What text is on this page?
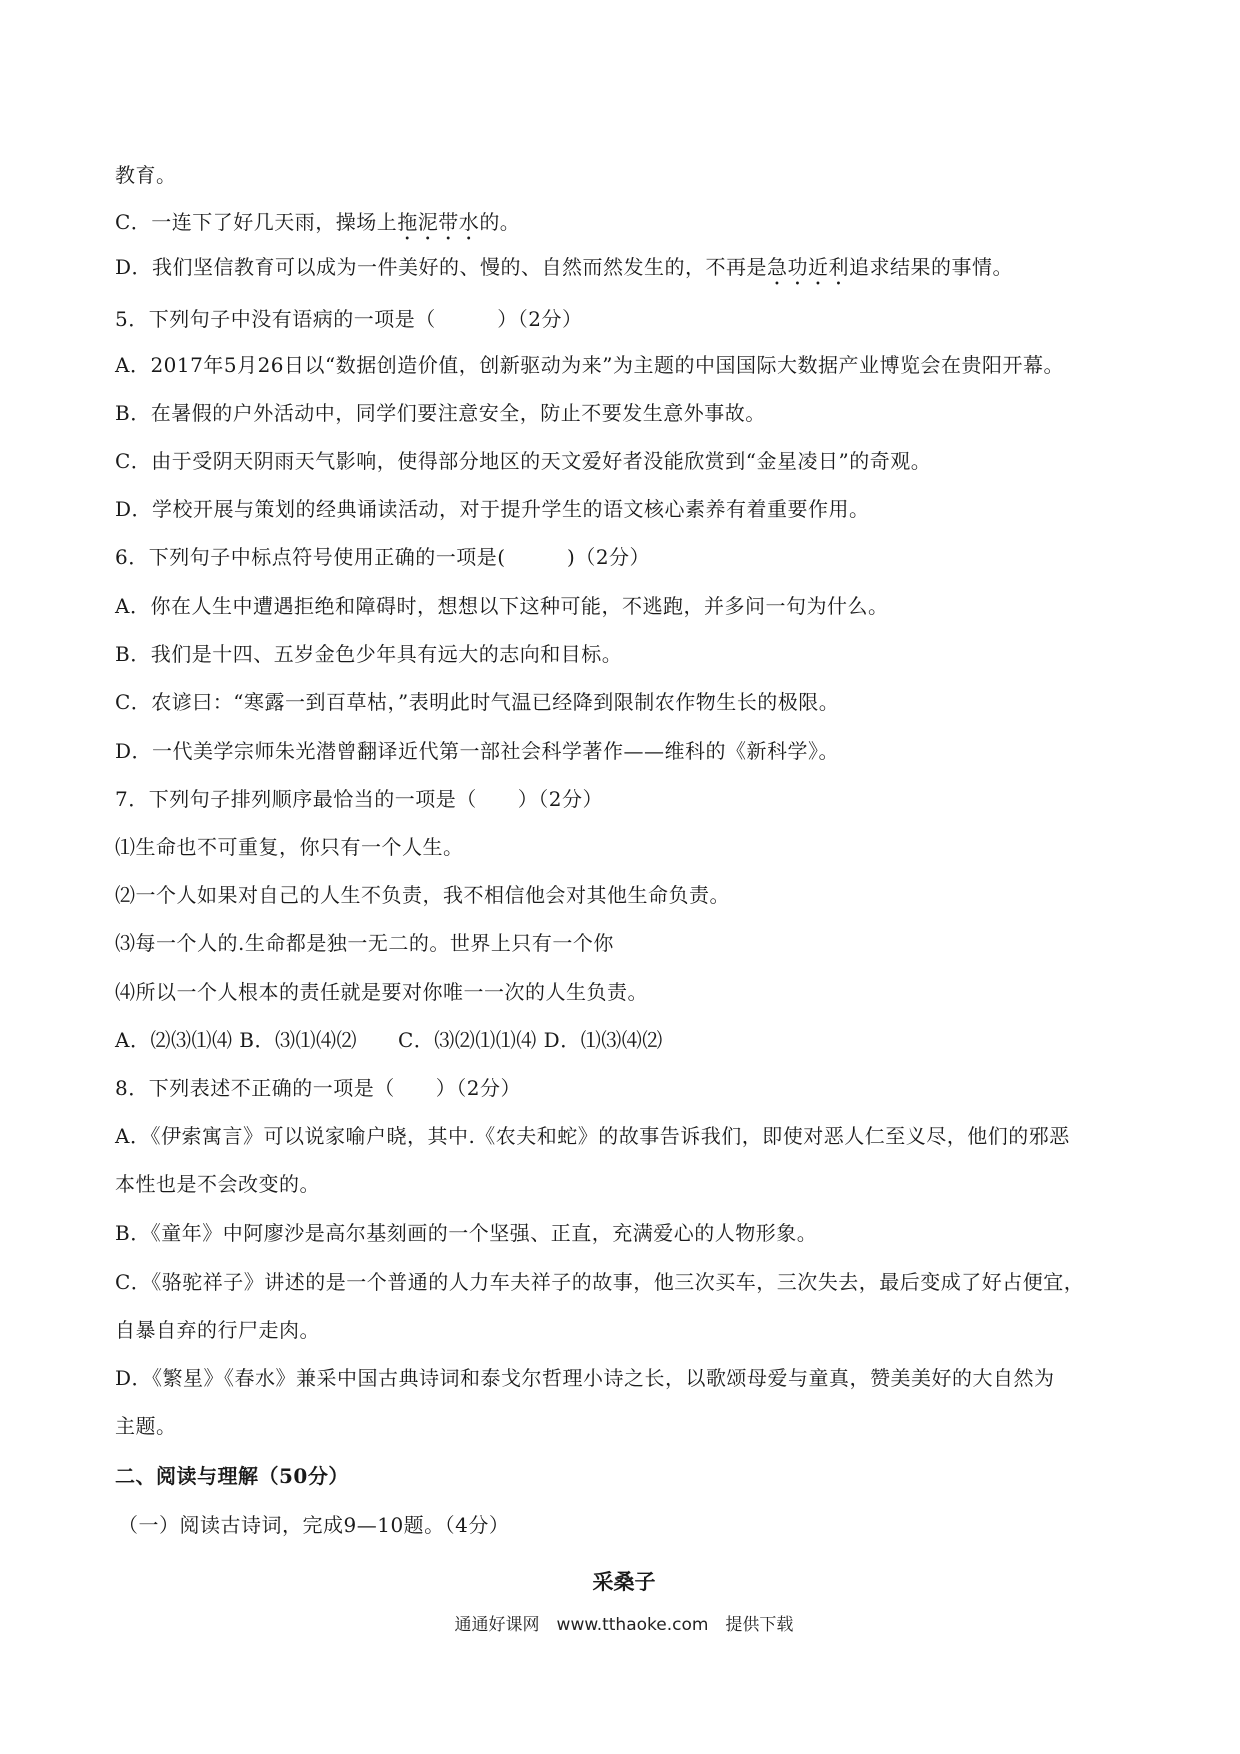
教育。
C．一连下了好几天雨，操场上拖泥带水的。
D．我们坚信教育可以成为一件美好的、慢的、自然而然发生的，不再是急功近利追求结果的事情。
5．下列句子中没有语病的一项是（　　　）（2分）
A．2017年5月26日以“数据创造价值，创新驱动为来”为主题的中国国际大数据产业博览会在贵阳开幕。
B．在暑假的户外活动中，同学们要注意安全，防止不要发生意外事故。
C．由于受阴天阴雨天气影响，使得部分地区的天文爱好者没能欣赏到“金星凌日”的奇观。
D．学校开展与策划的经典诵读活动，对于提升学生的语文核心素养有着重要作用。
6．下列句子中标点符号使用正确的一项是(　　　)（2分）
A．你在人生中遭遇拒绝和障碍时，想想以下这种可能，不逃跑，并多问一句为什么。
B．我们是十四、五岁金色少年具有远大的志向和目标。
C．农谚曰：“寒露一到百草枯，”表明此时气温已经降到限制农作物生长的极限。
D．一代美学宗师朱光潜曾翻译近代第一部社会科学著作——维科的《新科学》。
7．下列句子排列顺序最恰当的一项是（　　）（2分）
⑴生命也不可重复，你只有一个人生。
⑵一个人如果对自己的人生不负责，我不相信他会对其他生命负责。
⑶每一个人的.生命都是独一无二的。世界上只有一个你
⑷所以一个人根本的责任就是要对你唯一一次的人生负责。
A．⑵⑶⑴⑷ B．⑶⑴⑷⑵　　C．⑶⑵⑴⑴⑷ D．⑴⑶⑷⑵
8．下列表述不正确的一项是（　　）（2分）
A．《伊索寓言》可以说家喻户晓，其中.《农夫和蛇》的故事告诉我们，即使对恶人仁至义尽，他们的邪恶
本性也是不会改变的。
B．《童年》中阿廖沙是高尔基刻画的一个坚强、正直，充满爱心的人物形象。
C．《骆驼祥子》讲述的是一个普通的人力车夫祥子的故事，他三次买车，三次失去，最后变成了好占便宜，
自暴自弃的行尸走肉。
D．《繁星》《春水》兼采中国古典诗词和泰戈尔哲理小诗之长，以歌颂母爱与童真，赞美美好的大自然为
主题。
二、阅读与理解（50分）
（一）阅读古诗词，完成9—10题。（4分）
采桑子
通通好课网　www.tthaoke.com　提供下载
